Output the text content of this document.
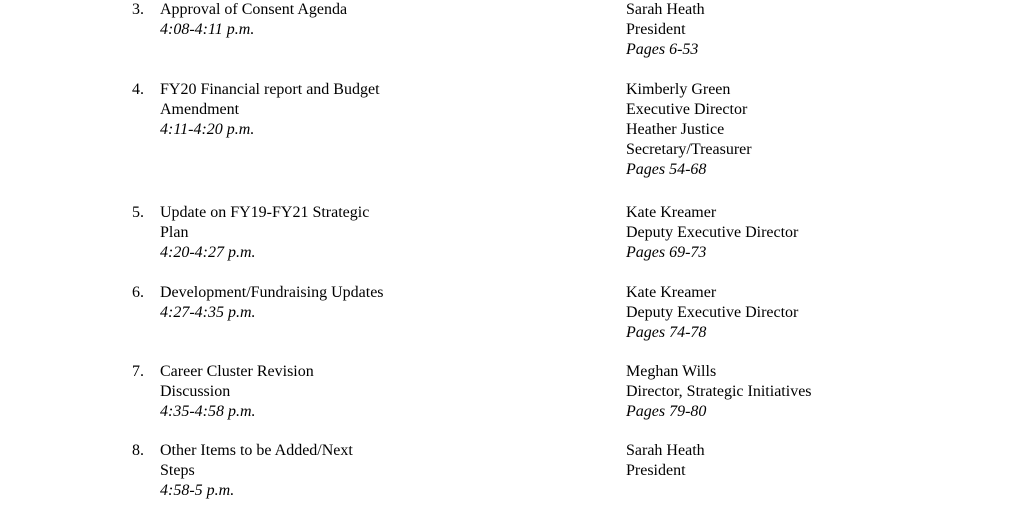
3. Approval of Consent Agenda
4:08-4:11 p.m.
Sarah Heath
President
Pages 6-53
4. FY20 Financial report and Budget
Amendment
4:11-4:20 p.m.
Kimberly Green
Executive Director
Heather Justice
Secretary/Treasurer
Pages 54-68
5. Update on FY19-FY21 Strategic
Plan
4:20-4:27 p.m.
Kate Kreamer
Deputy Executive Director
Pages 69-73
6. Development/Fundraising Updates
4:27-4:35 p.m.
Kate Kreamer
Deputy Executive Director
Pages 74-78
7. Career Cluster Revision
Discussion
4:35-4:58 p.m.
Meghan Wills
Director, Strategic Initiatives
Pages 79-80
8. Other Items to be Added/Next
Steps
4:58-5 p.m.
Sarah Heath
President
